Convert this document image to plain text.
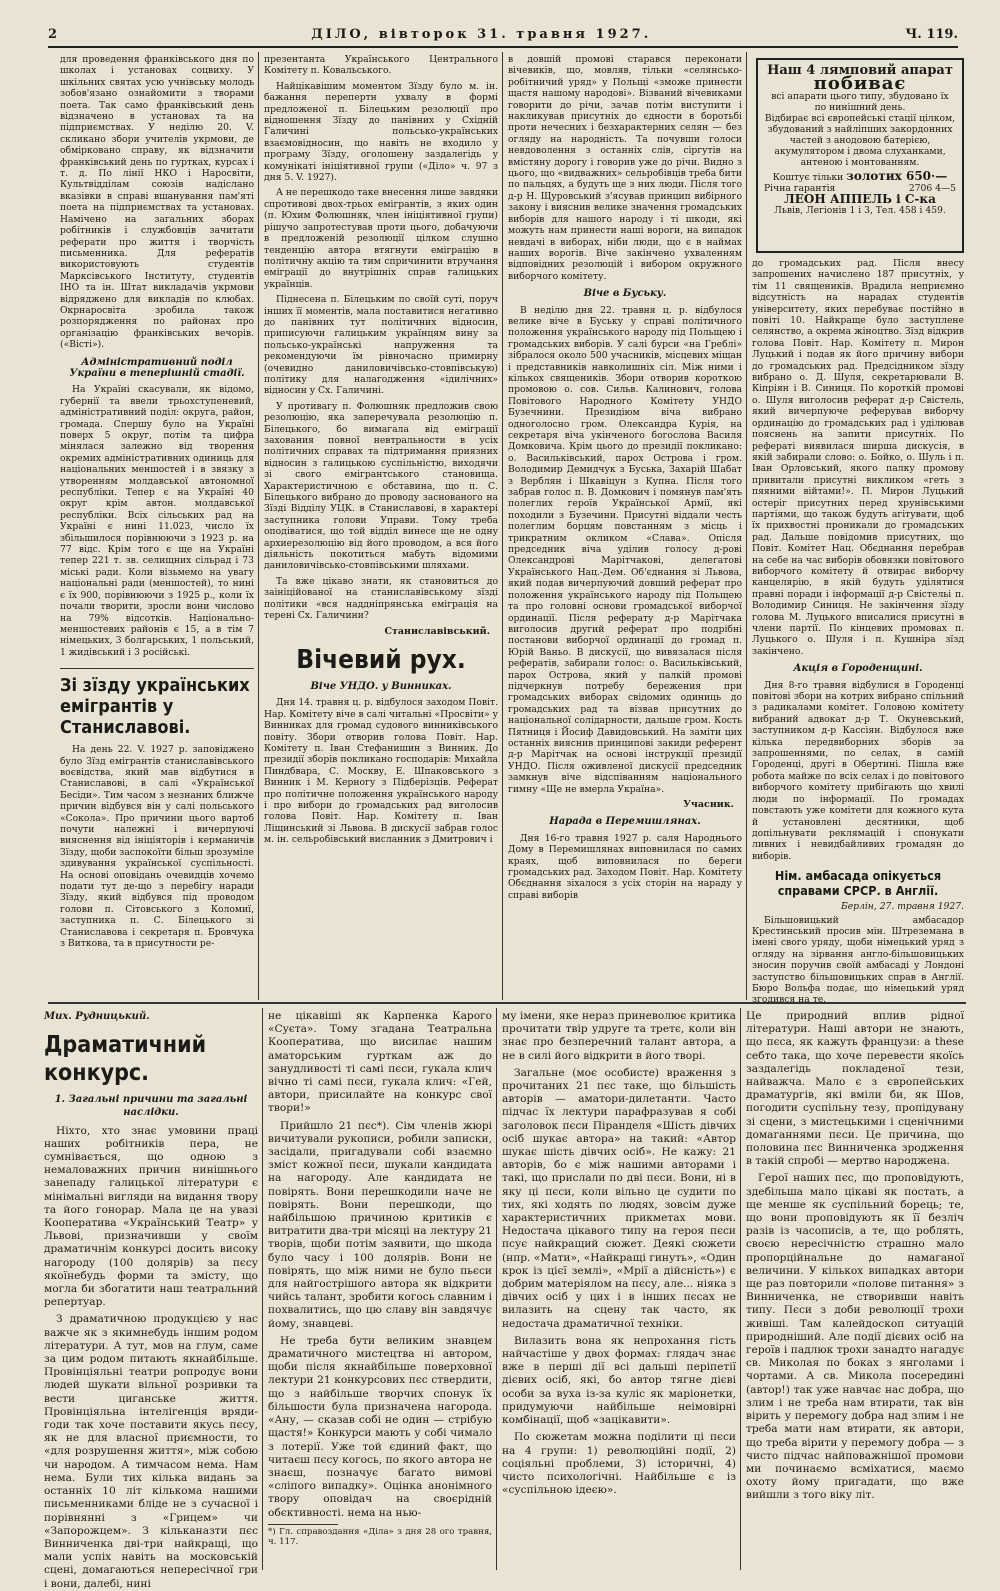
2	ДІЛО, вівторок 31. травня 1927.	Ч. 119.

для проведення франківського дня по школах і установах соцвиху. У шкільних святах усю учнівську молодь зобов'язано ознайомити з творами поета. Так само франківський день відзначено в установах та на підприємствах. У неділю 20. V. скликано збори учителів укрмови, де обмірковано справу, як відзначити франківський день по гуртках, курсах і т. д. По лінії НКО і Наросвіти, Культвідділам союзів надіслано вказівки в справі вшанування пам'яті поета на підприємствах та установах. Намічено на загальних зборах робітників і службовців зачитати реферати про життя і творчість письменника. Для рефератів використовують студентів Марксівського Інституту, студентів ІНО та ін. Штат викладачів укрмови відряджено для викладів по клюбах. Окрнаросвіта зробила також розпорядження по районах про організацію франківських вечорів. («Вісті»).

Адміністративний поділ України в теперішній стадії.

На Україні скасували, як відомо, губернії та ввели трьохступеневий, адміністративний поділ: округа, район, громада. Спершу було на Україні поверх 5 округ, потім та цифра мінялася залежно від творення окремих адміністративних одиниць для національних меншостей і в звязку з утворенням молдавської автономної республіки. Тепер є на Україні 40 округ крім автон. молдавської республіки. Всіх сільських рад на Україні є нині 11.023, число їх збільшилося порівнюючи з 1923 р. на 77 відс. Крім того є ще на Україні тепер 221 т. зв. селищних сільрад і 73 міські ради. Коли візьмемо на увагу національні ради (меншостей), то нині є їх 900, порівнюючи з 1925 р., коли їх почали творити, зросли вони числово на 79% відсотків. Національно-меншостевих районів є 15, а в тім 7 німецьких, 3 болгарських, 1 польський, 1 жидівський і 3 російські.

Зі зїзду українських емігрантів у Станиславові.

На день 22. V. 1927 р. заповіджено було Зїзд емігрантів станиславівського воєвідства, який мав відбутися в Станиславові, в салі «Української Бесіди». Тим часом з незнаних ближче причин відбувся він у салі польського «Сокола». Про причини цього вартоб почути належні і вичерпуючі вияснення від ініціяторів і керманичів Зїзду, щоби заспокоїти більш зрозуміле здивування української суспільності. На основі оповідань очевидців хочемо подати тут де-що з перебігу наради Зїзду, який відбувся під проводом голови п. Сітовського з Коломиї, заступника п. С. Білецького зі Станиславова і секретаря п. Бровчука з Виткова, та в присутности ре-

презентанта Українського Центрального Комітету п. Ковальського.

Найцікавішим моментом Зїзду було м. ін. бажання перепертн ухвалу в формі предложеної п. Білецьким резолюції про відношення Зїзду до панівних у Східній Галичині польсько-українських взаємовідносин, що навіть не входило у програму Зїзду, оголошену заздалегідь у комунікаті ініціятивної групи («Діло» ч. 97 з дня 5. V. 1927).

А не перешкодо таке внесення лише завдяки спротивові двох-трьох емігрантів, з яких один (п. Юхим Фолюшняк, член ініціятивної групи) рішучо запротестував проти цього, добачуючи в предложеній резолюції цілком слушно тенденцію автора втягнути еміграцію в політичну акцію та тим спричинити втручання еміграції до внутрішніх справ галицьких українців.

Піднесена п. Білецьким по своїй суті, поруч інших її моментів, мала поставитися негативно до панівних тут політичних відносин, приписуючи галицьким українцям вину за польсько-українські напруження та рекомендуючи їм рівночасно примирну (очевидно даниловичівсько-стовпівськую) політику для налагодження «ідилічних» відносин у Сх. Галичині.

У противагу п. Фолюшняк предложив свою резолюцію, яка заперечувала резолюцію п. Білецького, бо вимагала від еміграції захования повної невтральности в усіх політичних справах та підтримання приязних відносин з галицькою суспільністю, виходячи зі свого емігрантського становища. Характеристичною є обставина, що п. С. Білецького вибрано до проводу заснованого на Зїзді Відділу УЦК. в Станиславові, в характері заступника голови Управи. Тому треба оподіватися, що той відділ винесе ще не одну архиерезолюцію від його проводом, а вся його діяльність покотиться мабуть відомими даниловичівсько-стовпівськими шляхами.

Та вже цікаво знати, як становиться до заініційованої на станиславівському зїзді політики «вся наддніпрянська еміграція на терені Сх. Галичини?

Станиславівський.
Вічевий рух.
Віче УНДО. у Винниках.

Дня 14. травня ц. р. відбулося заходом Повіт. Нар. Комітету віче в салі читальні «Просвіти» у Винниках для громад судового винниківського повіту. Збори отворив голова Повіт. Нар. Комітету п. Іван Стефанишин з Винник. До президії зборів покликано господарів: Михайла Пиндбвара, С. Москву, Е. Шпаковського з Винник і М. Керногу з Підберізців. Реферат про політичне положення українського народу і про вибори до громадських рад виголосив голова Повіт. Нар. Комітету п. Іван Ліщинський зі Львова. В дискусії забрав голос м. ін. сельробівський висланник з Дмитрович і

в довшій промові старався переконати вічевиків, що, мовляв, тільки «селянсько-робітничий уряд» у Польщі «зможе принести щастя нашому народові». Візваний вічевиками говорити до річи, зачав потім виступити і накликував присутніх до єдности в боротьбі проти нечесних і безхарактерних селян — без огляду на народність. Та почувши голоси невдоволення з останніх слів, сіргутів на вмістяну дорогу і говорив уже до річи. Видно з цього, що «видважних» сельробівців треба бити по пальцях, а будуть ще з них люди. Після того д-р Н. Щуровський з'ясував принцип вибірного закону і вияснив велике значення громадських виборів для нашого народу і ті шкоди, які можуть нам принести наші вороги, на випадок невдачі в виборах, ніби люди, що є в наймах наших ворогів. Віче закінчено ухваленням відповідних резолюцій і вибором окружного виборчого комітету.

Віче в Буську.

В неділю дня 22. травня ц. р. відбулося велике віче в Буську у справі політичного положення українського народу під Польщею і громадських виборів. У салі бурси «на Греблі» зібралося около 500 учасників, місцевих міщан і представників навколишніх сіл. Між ними і кількох священиків. Збори отворив короткою промовою о. сов. Сильв. Калинович, голова Повітового Народного Комітету УНДО Бузечнини. Президіюм віча вибрано одноголосно гром. Олександра Курія, на секретаря віча укінченого богослова Василя Домковича. Крім цього до президії покликано: о. Васильківський, парох Острова і гром. Володимир Демидчук з Буська, Захарій Шабат з Верблян і Шкавіцун з Купна. Після того забрав голос п. В. Домкович і помянув пам'ять полеглих героїв Української Армії, які походили з Бузечини. Присутні віддали честь полеглим борцям повстанням з місць і трикратним окликом «Слава». Опісля председник віча уділив голосу д-рові Олександрові Марітчакові, делегатові Українського Нац.-Дем. Об'єднання зі Львова, який подав вичерпуючий довший реферат про положення українського народу під Польщею та про головні основи громадської виборчої ординації. Після реферату д-р Марітчака виголосив другий реферат про подрібні постанови виборчої ординації до громад п. Юрій Ваньо. В дискусії, що вивязалася після рефератів, забирали голос: о. Васильківський, парох Острова, який у палкій промові підчеркнув потребу бережения при громадських виборах свідомих одиниць до громадських рад та візвав присутних до національної солідарности, дальше гром. Кость Пятниця і Йосиф Давидовський. На заміти цих останніх вияснив принципові закиди референт д-р Марітчак на основі інструкції президії УНДО. Після оживленої дискусії председник замкнув віче відспіванням національного гимну «Ще не вмерла Україна».

Учасник.
Нарада в Перемишлянах.

Дня 16-го травня 1927 р. саля Народнього Дому в Перемишлянах виповнилася по самих краях, щоб виповнилася по береги громадських рад. Заходом Повіт. Нар. Комітету Обєднання зіхалося з усіх сторін на нараду у справі виборів

Наш 4 лямповий апарат
побиває
всі апарати цього типу, збудовано їх по нинішний день.
Відбирає всі європейські стації цілком, збудований з найліпших закордонних частей з анодовою батерією, акумулятором і двома слуханками, антеною і монтованням.
Коштує тільки золотих 650·—
Річна гарантія	2706 4—5
ЛЕОН АППЕЛЬ і С-ка
Львів, Легіонів 1 і 3, Тел. 458 і 459.

до громадських рад. Після внесу запрошених начислено 187 присутніх, у тім 11 священиків. Врадила неприємно відсутність на нарадах студентів університету, яких перебуває постійно в повіті 10. Найкраще було заступлене селянство, а окрема жіноцтво. Зїзд відкрив голова Повіт. Нар. Комітету п. Мирон Луцький і подав як його причину вибори до громадських рад. Предсідником зїзду вибрано о. Д. Шуля, секретарювали В. Кіпріян і В. Синиця. По короткій промові о. Шуля виголосив реферат д-р Свістель, який вичерпуюче реферував виборчу ординацію до громадських рад і уділював пояснень на запити присутніх. По рефераті виявилася ширша дискусія, в якій забирали слово: о. Бойко, о. Шуль і п. Іван Орловський, якого палку промову привитали присутні викликом «геть з пяяними війтами!». П. Мирон Луцький остеріг присутних перед хрунівськими партіями, що також будуть агітувати, щоб їх прихвостні проникали до громадських рад. Дальше повідомив присутних, що Повіт. Комітет Нац. Обєднання перебрав на себе на час виборів обовязки повітового виборчого комітету й отвирає виборчу канцелярію, в якій будуть уділятися правні поради і інформації д-р Свістельі п. Володимир Синиця. Не закінчення зїзду голова М. Луцького вписалися присутні в члени партії. По кінцевих промовах п. Луцького о. Шуля і п. Кушніра зїзд закінчено.

Акція в Городенщині.

Дня 8-го травня відбулися в Городенці повітові збори на котрих вибрано спільний з радикалами комітет. Головою комітету вибраний адвокат д-р Т. Окуневський, заступником д-р Кассіян. Відбулося вже кілька передвиборних зборів за запрошеннями, по селах, в самій Городенці, другі в Обертині. Пішла вже робота майже по всіх селах і до повітового виборчого комітету прибігають що хвилі люди по інформації. По громадах повстають уже комітети для кожного кута й установлені десятники, щоб допільнувати реклямацій і спонукати ливних і невидбайливих громадян до виборів.

Нім. амбасада опікується справами СРСР. в Англії.
Берлін, 27. травня 1927.

Більшовицький амбасадор Крестинський просив мін. Штреземана в імені свого уряду, щоби німецький уряд з огляду на зірвання англо-більшовицьких зносин поручив своїй амбасаді у Лондоні заступство більшовицьких справ в Англії. Бюро Вольфа подає, що німецький уряд згодився на те.

Мих. Рудницький.
Драматичний конкурс.
1. Загальні причини та загальні наслідки.

Ніхто, хто знає умовини праці наших робітників пера, не сумнівається, що одною з немаловажних причин нинішнього занепаду галицької літератури є мінімальні вигляди на видання твору та його гонорар. Мала це на увазі Кооператива «Український Театр» у Львові, призначивши у своїм драматичнім конкурсі досить високу нагороду (100 долярів) за пєсу якоїнебудь форми та змісту, що могла би збогатити наш театральний репертуар.

З драматичною продукцією у нас важче як з якимнебудь іншим родом літератури. А тут, мов на глум, саме за цим родом питають якнайбільше. Провінціяльні театри ропродує вони людей шукати вільної розривки та вести циганське життя. Провінціяльна інтелігенція вряди-годи так хоче поставити якусь пєсу, як не для власної приємности, то «для розрушення життя», між собою чи народом. А тимчасом нема. Нам нема. Були тих кілька видань за останніх 10 літ кількома нашими письменниками бліде не з сучасної і порівнянні з «Грицем» чи «Запорожцем». З кільканазти пєс Винниченка дві-три найкращі, що мали успіх навіть на московській сцені, домагаються непересічної гри і вони, далебі, нині

не цікавіші як Карпенка Карого «Суєта». Тому згадана Театральна Кооператива, що висилає нашим аматорським гурткам аж до занудливості ті самі пєси, гукала клич вічно ті самі пєси, гукала клич: «Гей, автори, присилайте на конкурс свої твори!»

Прийшло 21 пєс*). Сім членів жюрі вичитували рукописи, робили записки, засідали, пригадували собі взаємно зміст кожної пєси, шукали кандидата на нагороду. Але кандидата не повірять. Вони перешкодили наче не повірять. Вони перешкоди, що найбільшою причиною критиків є витратити два-три місяці на лектуру 21 творів, щоби потім заявити, що шкода було часу і 100 долярів. Вони не повірять, що між ними не було пьєси для найгострішого автора як відкрити чийсь талант, зробити когось славним і похвалитись, що цю славу він завдячує йому, знавцеві.

Не треба бути великим знавцем драматичного мистецтва ні автором, щоби після якнайбільше поверховної лектури 21 конкурсових пєс ствердити, що з найбільше творчих спонук їх більшости була призначена нагорода. «Ану, — сказав собі не один — стрібую щастя!» Конкурси мають у собі чимало з лотерії. Уже той єдиний факт, що читаєш пєсу когось, по якого автора не знаєш, позначує багато вимові «сліпого випадку». Оцінка анонімного твору оповідач на своєрідній обєктивності. нема на нью-

*) Гл. справоздання «Діла» з дня 28 ого травня, ч. 117.

му імени, яке нераз приневолює критика прочитати твір удруге та третє, коли він знає про безперечний талант автора, а не в силі його відкрити в його творі.

Загальне (моє особисте) враження з прочитаних 21 пєс таке, що більшість авторів — аматори-дилетанти. Часто підчас їх лектури парафразував я собі заголовок пєси Піранделя «Шість дівчих осіб шукає автора» на такий: «Автор шукає шість дівчих осіб». Не кажу: 21 авторів, бо є між нашими авторами і такі, що прислали по дві пєси. Вони, ні в яку ці пєси, коли вільно це судити по тих, які ходять по людях, зовсім дуже характеристичних прикметах мови. Недостача цікавого типу на героя пєси псує найкращий сюжет. Деякі сюжети (нпр. «Мати», «Найкращі гинуть», «Один крок із цієї землі», «Мрії а дійсність») є добрим матеріялом на пєсу, але... ніяка з дівчих осіб у цих і в інших пєсах не вилазить на сцену так часто, як недостача драматичної техніки.

Вилазить вона як непрохання гість найчастіше у двох формах: глядач знає вже в перші дії всі дальші періпетії дієвих осіб, які, бо автор тягне дієві особи за вуха із-за куліс як маріонетки, придумуючи найбільше неімовірні комбінації, щоб «зацікавити».

По сюжетам можна поділити ці пєси на 4 групи: 1) революційні події, 2) соціяльні проблеми, 3) історичні, 4) чисто психологічні. Найбільше є із «суспільною ідеєю».

Це природний вплив рідної літератури. Наші автори не знають, що пєса, як кажуть французи: а these себто така, що хоче перевести якоїсь заздалегідь покладеної тези, найважча. Мало є з європейських драматургів, які вміли би, як Шов, погодити суспільну тезу, пропідувану зі сцени, з мистецькими і сценічними домаганнями пєси. Це причина, що половина пєс Винниченка зродження в такій спробі — мертво народжена.

Герої наших пєс, що проповідують, здебільша мало цікаві як постать, а ще менше як суспільний борець; те, що вони проповідують як її безліч разів із часописів, а те, що роблять, своєю нересічністю страшно мало пропорційнальне до намаганої величини. У кількох випадках автори ще раз повторили «полове питання» з Винниченка, не створивши навіть типу. Пєси з доби революції трохи живіші. Там калейдоскоп ситуацій природніший. Але події дієвих осіб на героїв і падлюк трохи занадто нагадує св. Миколая по боках з янголами і чортами. А св. Микола посередині (автор!) так уже навчає нас добра, що злим і не треба нам втирати, так він вірить у перемогу добра над злим і не треба мати нам втирати, як автори, що треба вірити у перемогу добра — з чисто підчас найповажнішої промови ми починаємо всміхатися, маємо охоту йому пригадати, що вже вийшли з того віку літ.
